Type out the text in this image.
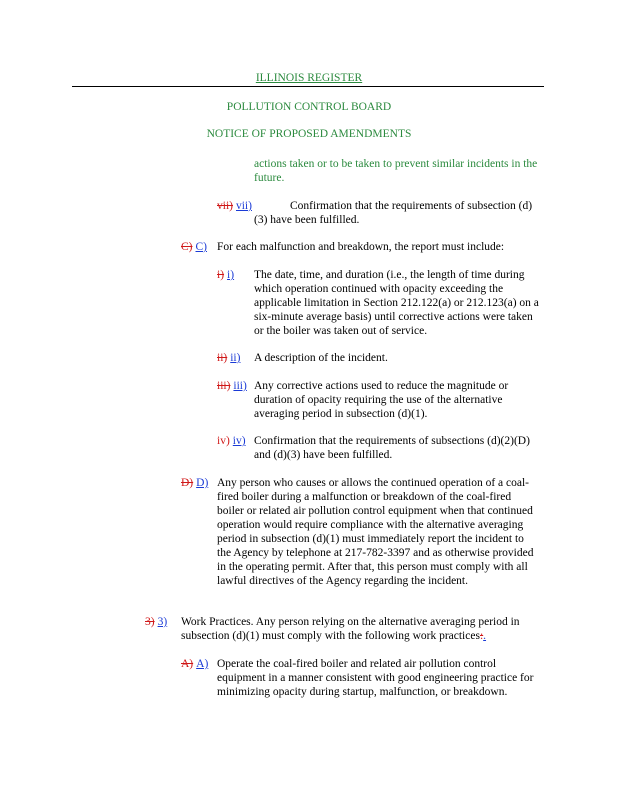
ILLINOIS REGISTER
POLLUTION CONTROL BOARD
NOTICE OF PROPOSED AMENDMENTS
actions taken or to be taken to prevent similar incidents in the future.
vii) vii)	Confirmation that the requirements of subsection (d)(3) have been fulfilled.
C) C) For each malfunction and breakdown, the report must include:
i) i) The date, time, and duration (i.e., the length of time during which operation continued with opacity exceeding the applicable limitation in Section 212.122(a) or 212.123(a) on a six-minute average basis) until corrective actions were taken or the boiler was taken out of service.
ii) ii) A description of the incident.
iii) iii) Any corrective actions used to reduce the magnitude or duration of opacity requiring the use of the alternative averaging period in subsection (d)(1).
iv) iv) Confirmation that the requirements of subsections (d)(2)(D) and (d)(3) have been fulfilled.
D) D) Any person who causes or allows the continued operation of a coal-fired boiler during a malfunction or breakdown of the coal-fired boiler or related air pollution control equipment when that continued operation would require compliance with the alternative averaging period in subsection (d)(1) must immediately report the incident to the Agency by telephone at 217-782-3397 and as otherwise provided in the operating permit. After that, this person must comply with all lawful directives of the Agency regarding the incident.
3) 3) Work Practices. Any person relying on the alternative averaging period in subsection (d)(1) must comply with the following work practices:.
A) A) Operate the coal-fired boiler and related air pollution control equipment in a manner consistent with good engineering practice for minimizing opacity during startup, malfunction, or breakdown.
